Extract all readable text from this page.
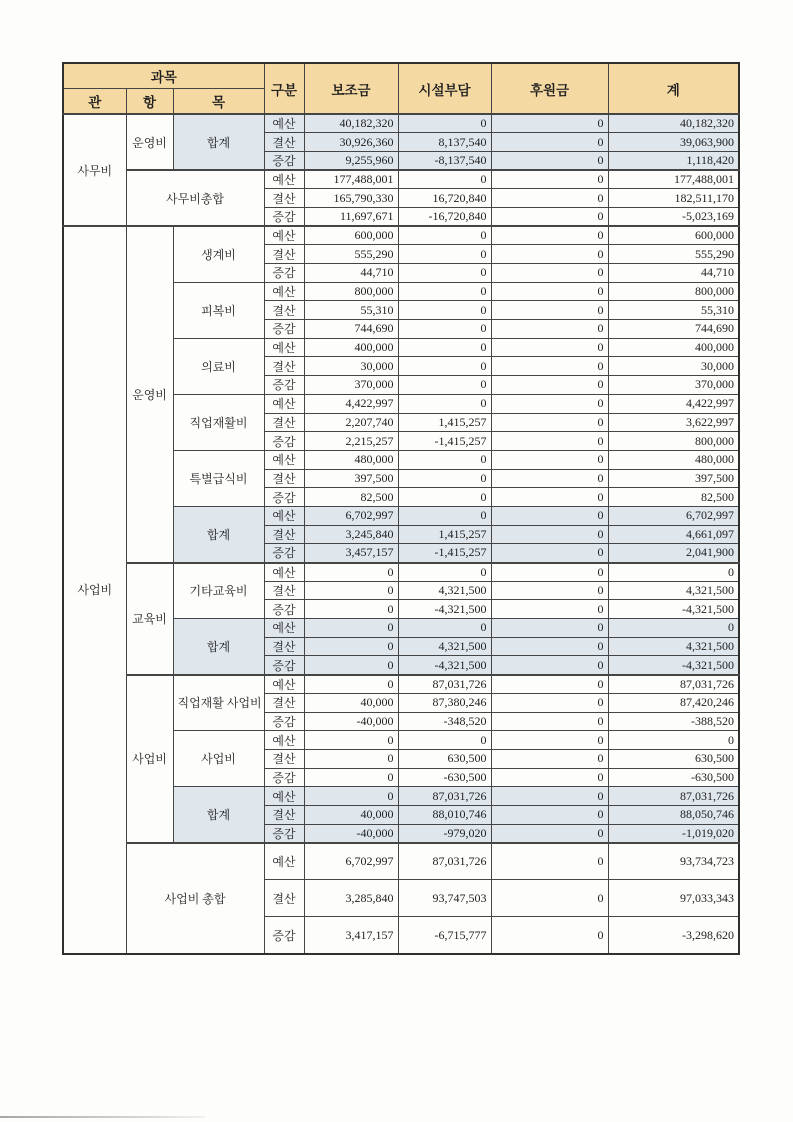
과목			구분	보조금	시설부담	후원금	계
관	항	목					
사무비	운영비	합계	예산	40,182,320	0	0	40,182,320
			결산	30,926,360	8,137,540	0	39,063,900
			증감	9,255,960	-8,137,540	0	1,118,420
	사무비총합		예산	177,488,001	0	0	177,488,001
			결산	165,790,330	16,720,840	0	182,511,170
			증감	11,697,671	-16,720,840	0	-5,023,169
사업비	운영비	생계비	예산	600,000	0	0	600,000
			결산	555,290	0	0	555,290
			증감	44,710	0	0	44,710
		피복비	예산	800,000	0	0	800,000
			결산	55,310	0	0	55,310
			증감	744,690	0	0	744,690
		의료비	예산	400,000	0	0	400,000
			결산	30,000	0	0	30,000
			증감	370,000	0	0	370,000
		직업재활비	예산	4,422,997	0	0	4,422,997
			결산	2,207,740	1,415,257	0	3,622,997
			증감	2,215,257	-1,415,257	0	800,000
		특별급식비	예산	480,000	0	0	480,000
			결산	397,500	0	0	397,500
			증감	82,500	0	0	82,500
		합계	예산	6,702,997	0	0	6,702,997
			결산	3,245,840	1,415,257	0	4,661,097
			증감	3,457,157	-1,415,257	0	2,041,900
	교육비	기타교육비	예산	0	0	0	0
			결산	0	4,321,500	0	4,321,500
			증감	0	-4,321,500	0	-4,321,500
		합계	예산	0	0	0	0
			결산	0	4,321,500	0	4,321,500
			증감	0	-4,321,500	0	-4,321,500
	사업비	직업재활 사업비	예산	0	87,031,726	0	87,031,726
			결산	40,000	87,380,246	0	87,420,246
			증감	-40,000	-348,520	0	-388,520
		사업비	예산	0	0	0	0
			결산	0	630,500	0	630,500
			증감	0	-630,500	0	-630,500
		합계	예산	0	87,031,726	0	87,031,726
			결산	40,000	88,010,746	0	88,050,746
			증감	-40,000	-979,020	0	-1,019,020
	사업비 총합		예산	6,702,997	87,031,726	0	93,734,723
			결산	3,285,840	93,747,503	0	97,033,343
			증감	3,417,157	-6,715,777	0	-3,298,620
